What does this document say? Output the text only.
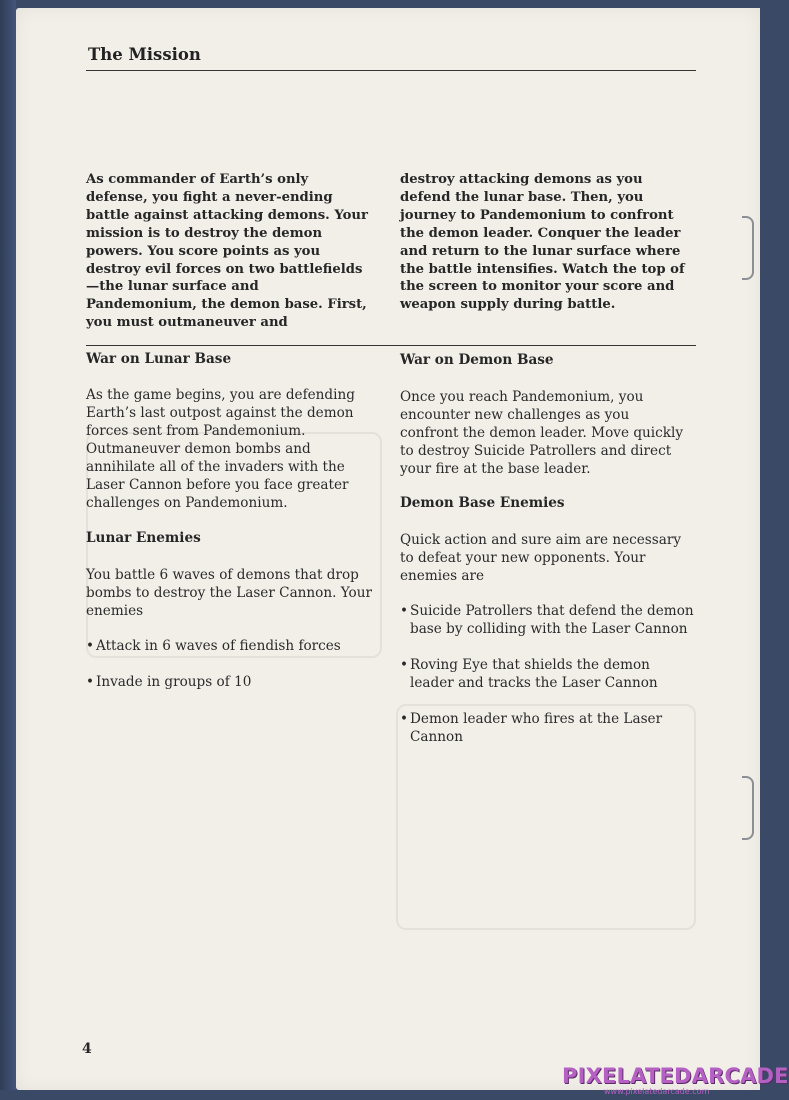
The Mission

As commander of Earth’s only defense, you fight a never-ending battle against attacking demons. Your mission is to destroy the demon powers. You score points as you destroy evil forces on two battlefields—the lunar surface and Pandemonium, the demon base. First, you must outmaneuver and

destroy attacking demons as you defend the lunar base. Then, you journey to Pandemonium to confront the demon leader. Conquer the leader and return to the lunar surface where the battle intensifies. Watch the top of the screen to monitor your score and weapon supply during battle.

War on Lunar Base

As the game begins, you are defending Earth’s last outpost against the demon forces sent from Pandemonium. Outmaneuver demon bombs and annihilate all of the invaders with the Laser Cannon before you face greater challenges on Pandemonium.

Lunar Enemies

You battle 6 waves of demons that drop bombs to destroy the Laser Cannon. Your enemies

• Attack in 6 waves of fiendish forces
• Invade in groups of 10
War on Demon Base

Once you reach Pandemonium, you encounter new challenges as you confront the demon leader. Move quickly to destroy Suicide Patrollers and direct your fire at the base leader.

Demon Base Enemies

Quick action and sure aim are necessary to defeat your new opponents. Your enemies are

• Suicide Patrollers that defend the demon base by colliding with the Laser Cannon
• Roving Eye that shields the demon leader and tracks the Laser Cannon
• Demon leader who fires at the Laser Cannon

4

PIXELATEDARCADE

www.pixelatedarcade.com
